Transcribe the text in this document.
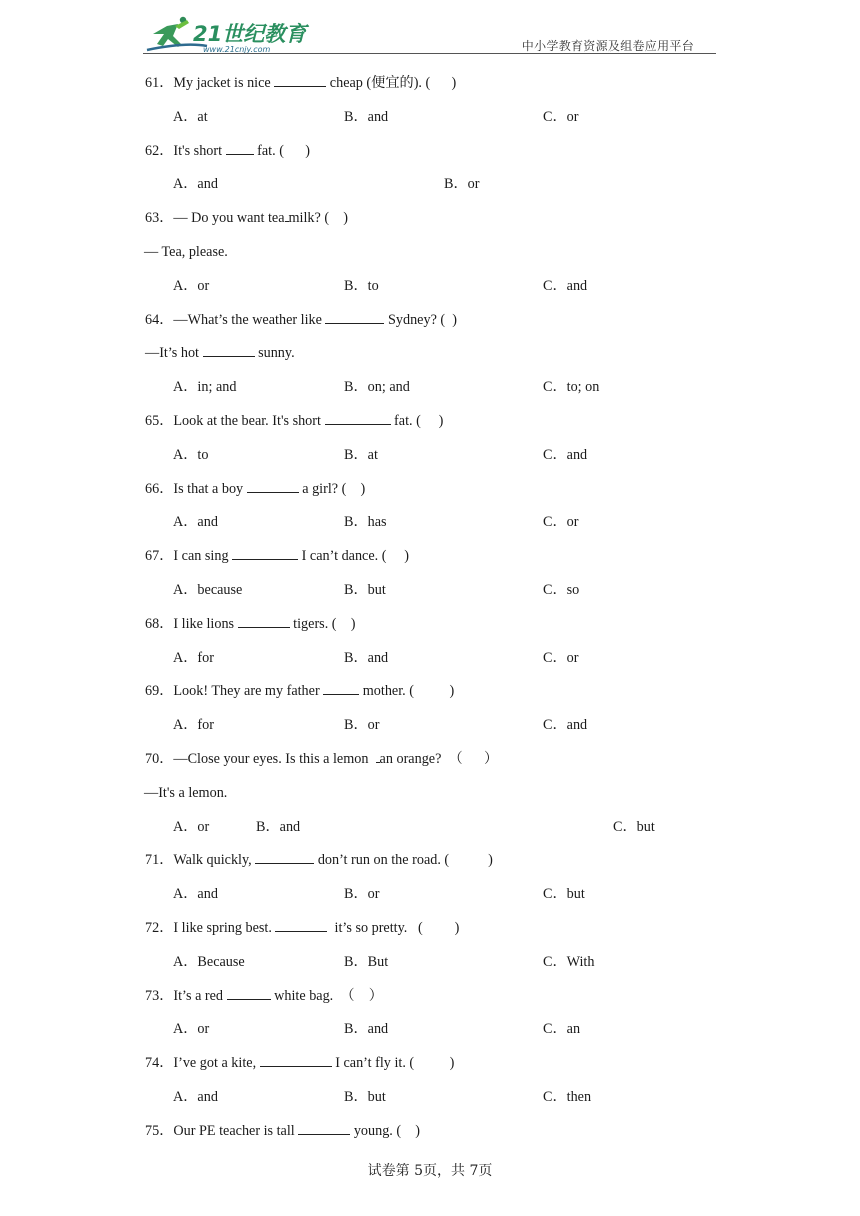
21世纪教育
www.21cnjy.com	中小学教育资源及组卷应用平台
61．My jacket is nice	cheap (便宜的). (      )
A．at	B．and	C．or
62．It's short  fat. (      )
A．and	B．or
63．— Do you want tea milk? (    )
— Tea, please.
A．or	B．to	C．and
64．—What’s the weather like	Sydney? (  )
—It’s hot	sunny.
A．in; and	B．on; and	C．to; on
65．Look at the bear. It's short	fat. (     )
A．to	B．at	C．and
66．Is that a boy	a girl? (    )
A．and	B．has	C．or
67．I can sing	I can’t dance. (     )
A．because	B．but	C．so
68．I like lions	tigers. (    )
A．for	B．and	C．or
69．Look! They are my father	mother. (          )
A．for	B．or	C．and
70．—Close your eyes. Is this a lemon  an orange?  （      ）
—It's a lemon.
A．or	B．and	C．but
71．Walk quickly,	don’t run on the road. (           )
A．and	B．or	C．but
72．I like spring best.	it’s so pretty.   (         )
A．Because	B．But	C．With
73．It’s a red	white bag.  （    ）
A．or	B．and	C．an
74．I’ve got a kite,	I can’t fly it. (          )
A．and	B．but	C．then
75．Our PE teacher is tall	young. (    )
试卷第 5页，共 7页
